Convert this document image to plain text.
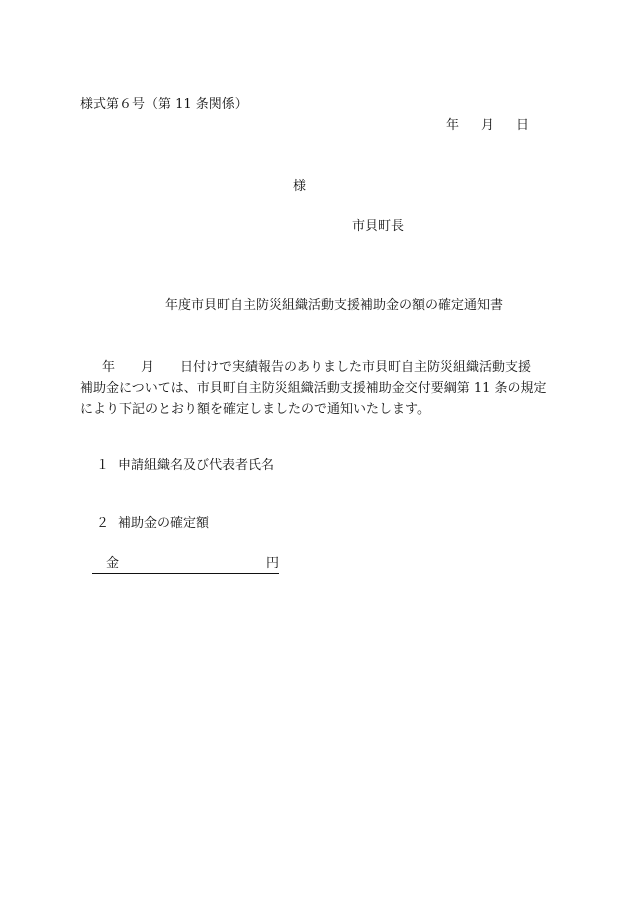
様式第６号（第 11 条関係）
年 月 日
様
市貝町長
年度市貝町自主防災組織活動支援補助金の額の確定通知書
年 月 日付けで実績報告のありました市貝町自主防災組織活動支援
補助金については、市貝町自主防災組織活動支援補助金交付要綱第 11 条の規定
により下記のとおり額を確定しましたので通知いたします。
１ 申請組織名及び代表者氏名
２ 補助金の確定額
金	円
